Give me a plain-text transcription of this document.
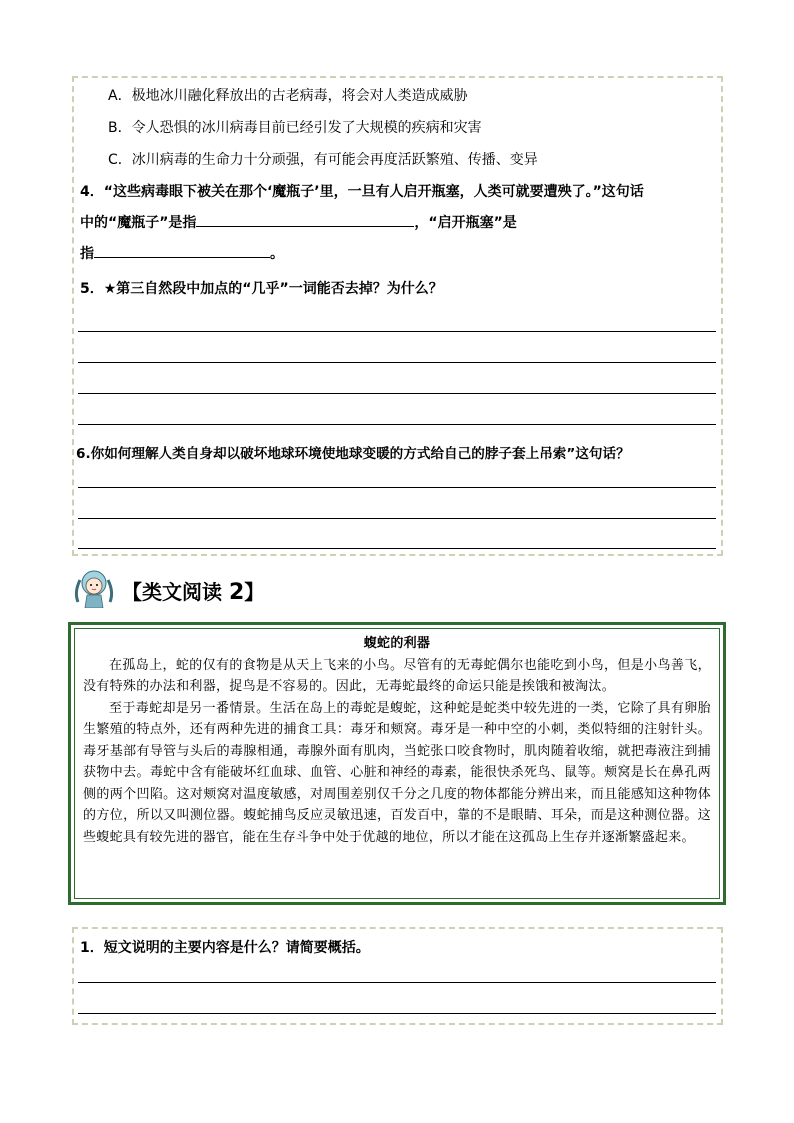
A．极地冰川融化释放出的古老病毒，将会对人类造成威胁
B．令人恐惧的冰川病毒目前已经引发了大规模的疾病和灾害
C．冰川病毒的生命力十分顽强，有可能会再度活跃繁殖、传播、变异
4．“这些病毒眼下被关在那个‘魔瓶子’里，一旦有人启开瓶塞，人类可就要遭殃了。”这句话
中的“魔瓶子”是指	，“启开瓶塞”是
指	。
5．★第三自然段中加点的“几乎”一词能否去掉？为什么？
6.你如何理解人类自身却以破坏地球环境使地球变暖的方式给自己的脖子套上吊索”这句话？
【类文阅读 2】
蝮蛇的利器

在孤岛上，蛇的仅有的食物是从天上飞来的小鸟。尽管有的无毒蛇偶尔也能吃到小鸟，但是小鸟善飞，没有特殊的办法和利器，捉鸟是不容易的。因此，无毒蛇最终的命运只能是挨饿和被淘汰。

至于毒蛇却是另一番情景。生活在岛上的毒蛇是蝮蛇，这种蛇是蛇类中较先进的一类，它除了具有卵胎生繁殖的特点外，还有两种先进的捕食工具：毒牙和颊窝。毒牙是一种中空的小刺，类似特细的注射针头。毒牙基部有导管与头后的毒腺相通，毒腺外面有肌肉，当蛇张口咬食物时，肌肉随着收缩，就把毒液注到捕获物中去。毒蛇中含有能破坏红血球、血管、心脏和神经的毒素，能很快杀死鸟、鼠等。颊窝是长在鼻孔两侧的两个凹陷。这对颊窝对温度敏感，对周围差别仅千分之几度的物体都能分辨出来，而且能感知这种物体的方位，所以又叫测位器。蝮蛇捕鸟反应灵敏迅速，百发百中，靠的不是眼睛、耳朵，而是这种测位器。这些蝮蛇具有较先进的器官，能在生存斗争中处于优越的地位，所以才能在这孤岛上生存并逐渐繁盛起来。

1．短文说明的主要内容是什么？请简要概括。
